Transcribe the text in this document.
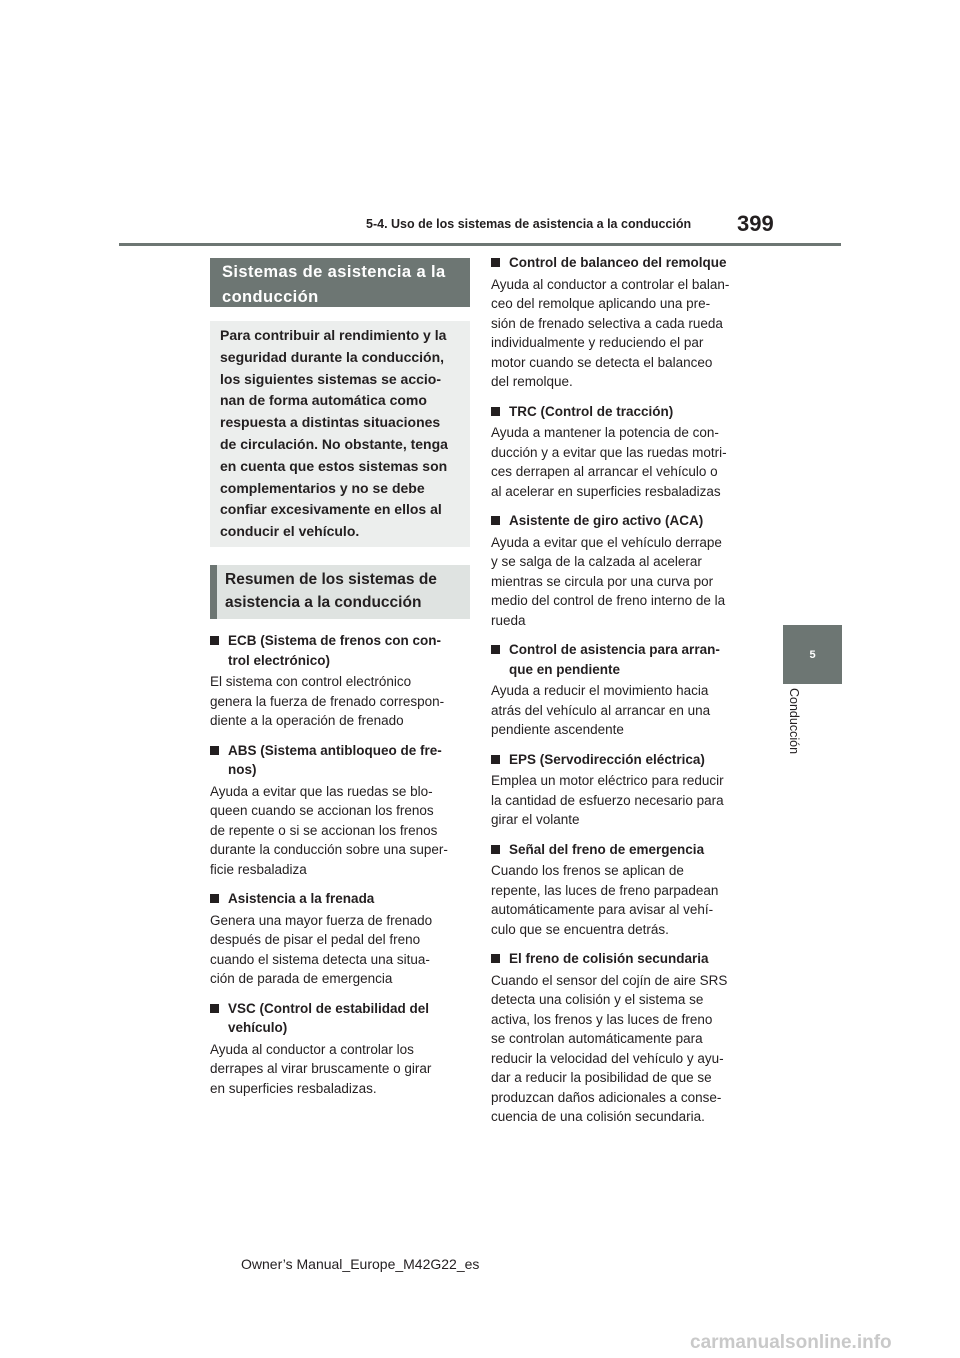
5-4. Uso de los sistemas de asistencia a la conducción 399
5
Conducción
Sistemas de asistencia a la
conducción
Para contribuir al rendimiento y la
seguridad durante la conducción,
los siguientes sistemas se accio-
nan de forma automática como
respuesta a distintas situaciones
de circulación. No obstante, tenga
en cuenta que estos sistemas son
complementarios y no se debe
confiar excesivamente en ellos al
conducir el vehículo.
Resumen de los sistemas de
asistencia a la conducción
ECB (Sistema de frenos con con-
trol electrónico)
El sistema con control electrónico
genera la fuerza de frenado correspon-
diente a la operación de frenado
ABS (Sistema antibloqueo de fre-
nos)
Ayuda a evitar que las ruedas se blo-
queen cuando se accionan los frenos
de repente o si se accionan los frenos
durante la conducción sobre una super-
ficie resbaladiza
Asistencia a la frenada
Genera una mayor fuerza de frenado
después de pisar el pedal del freno
cuando el sistema detecta una situa-
ción de parada de emergencia
VSC (Control de estabilidad del
vehículo)
Ayuda al conductor a controlar los
derrapes al virar bruscamente o girar
en superficies resbaladizas.
Control de balanceo del remolque
Ayuda al conductor a controlar el balan-
ceo del remolque aplicando una pre-
sión de frenado selectiva a cada rueda
individualmente y reduciendo el par
motor cuando se detecta el balanceo
del remolque.
TRC (Control de tracción)
Ayuda a mantener la potencia de con-
ducción y a evitar que las ruedas motri-
ces derrapen al arrancar el vehículo o
al acelerar en superficies resbaladizas
Asistente de giro activo (ACA)
Ayuda a evitar que el vehículo derrape
y se salga de la calzada al acelerar
mientras se circula por una curva por
medio del control de freno interno de la
rueda
Control de asistencia para arran-
que en pendiente
Ayuda a reducir el movimiento hacia
atrás del vehículo al arrancar en una
pendiente ascendente
EPS (Servodirección eléctrica)
Emplea un motor eléctrico para reducir
la cantidad de esfuerzo necesario para
girar el volante
Señal del freno de emergencia
Cuando los frenos se aplican de
repente, las luces de freno parpadean
automáticamente para avisar al vehí-
culo que se encuentra detrás.
El freno de colisión secundaria
Cuando el sensor del cojín de aire SRS
detecta una colisión y el sistema se
activa, los frenos y las luces de freno
se controlan automáticamente para
reducir la velocidad del vehículo y ayu-
dar a reducir la posibilidad de que se
produzcan daños adicionales a conse-
cuencia de una colisión secundaria.
Owner’s Manual_Europe_M42G22_es
carmanualsonline.info
